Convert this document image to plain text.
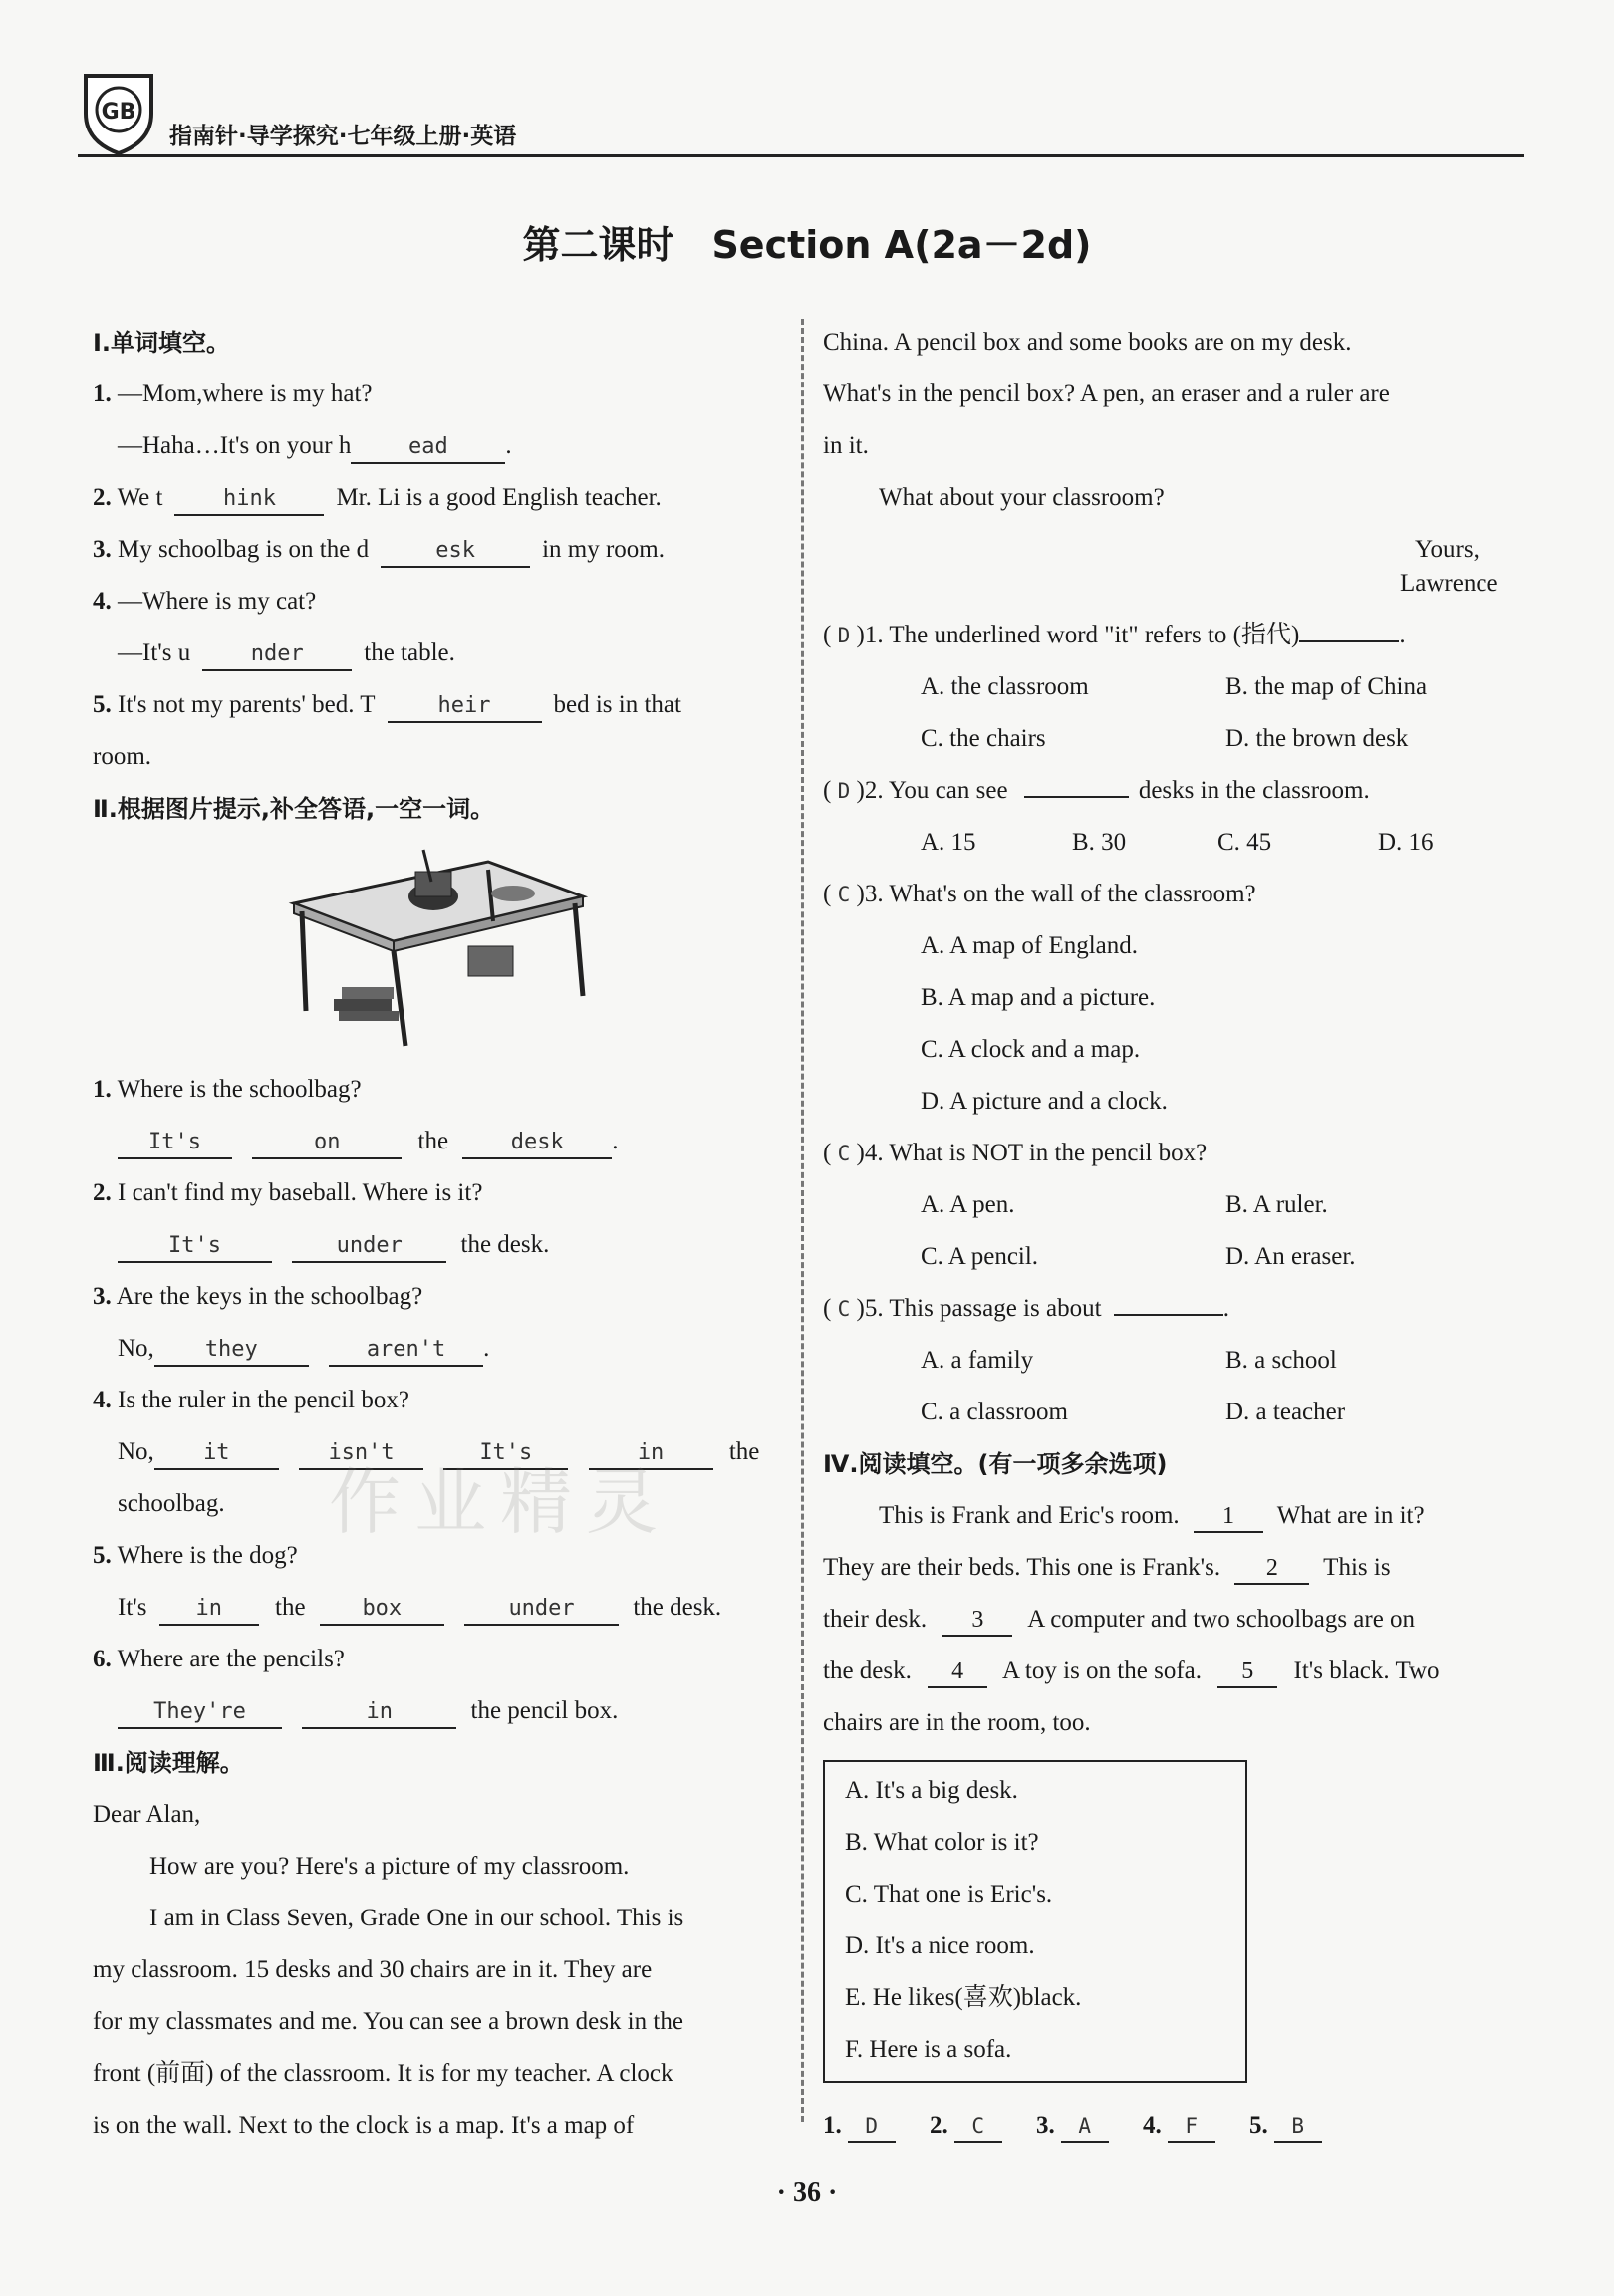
GB
指南针·导学探究·七年级上册·英语
第二课时　Section A(2a－2d)
Ⅰ.单词填空。
1. —Mom,where is my hat?
—Haha…It's on your h	ead .
2. We t	hink Mr. Li is a good English teacher.
3. My schoolbag is on the d	esk	in my room.
4. —Where is my cat?
—It's u	nder the table.
5. It's not my parents' bed. T	heir	bed is in that
room.
Ⅱ.根据图片提示,补全答语,一空一词。
1. Where is the schoolbag?
It's	on	the	desk .
2. I can't find my baseball. Where is it?
It's	under the desk.
3. Are the keys in the schoolbag?
No, they	aren't .
4. Is the ruler in the pencil box?
No, it	isn't	It's	in	the
schoolbag.
5. Where is the dog?
It's in the	box	under the desk.
6. Where are the pencils?
They're	in	the pencil box.
Ⅲ.阅读理解。
Dear Alan,
How are you? Here's a picture of my classroom.
I am in Class Seven, Grade One in our school. This is
my classroom. 15 desks and 30 chairs are in it. They are
for my classmates and me. You can see a brown desk in the
front (前面) of the classroom. It is for my teacher. A clock
is on the wall. Next to the clock is a map. It's a map of
China. A pencil box and some books are on my desk.
What's in the pencil box? A pen, an eraser and a ruler are
in it.
What about your classroom?
Yours,
Lawrence
( D )1. The underlined word "it" refers to (指代)	.
A. the classroom	B. the map of China
C. the chairs	D. the brown desk
( D )2. You can see	desks in the classroom.
A. 15	B. 30	C. 45	D. 16
( C )3. What's on the wall of the classroom?
A. A map of England.
B. A map and a picture.
C. A clock and a map.
D. A picture and a clock.
( C )4. What is NOT in the pencil box?
A. A pen.	B. A ruler.
C. A pencil.	D. An eraser.
( C )5. This passage is about	.
A. a family	B. a school
C. a classroom	D. a teacher
Ⅳ.阅读填空。(有一项多余选项)
This is Frank and Eric's room. 1 What are in it?
They are their beds. This one is Frank's. 2 This is
their desk. 3 A computer and two schoolbags are on
the desk. 4 A toy is on the sofa. 5 It's black. Two
chairs are in the room, too.
A. It's a big desk.
B. What color is it?
C. That one is Eric's.
D. It's a nice room.
E. He likes(喜欢)black.
F. Here is a sofa.
1. D 2. C 3. A 4. F 5. B
作业精灵
· 36 ·
